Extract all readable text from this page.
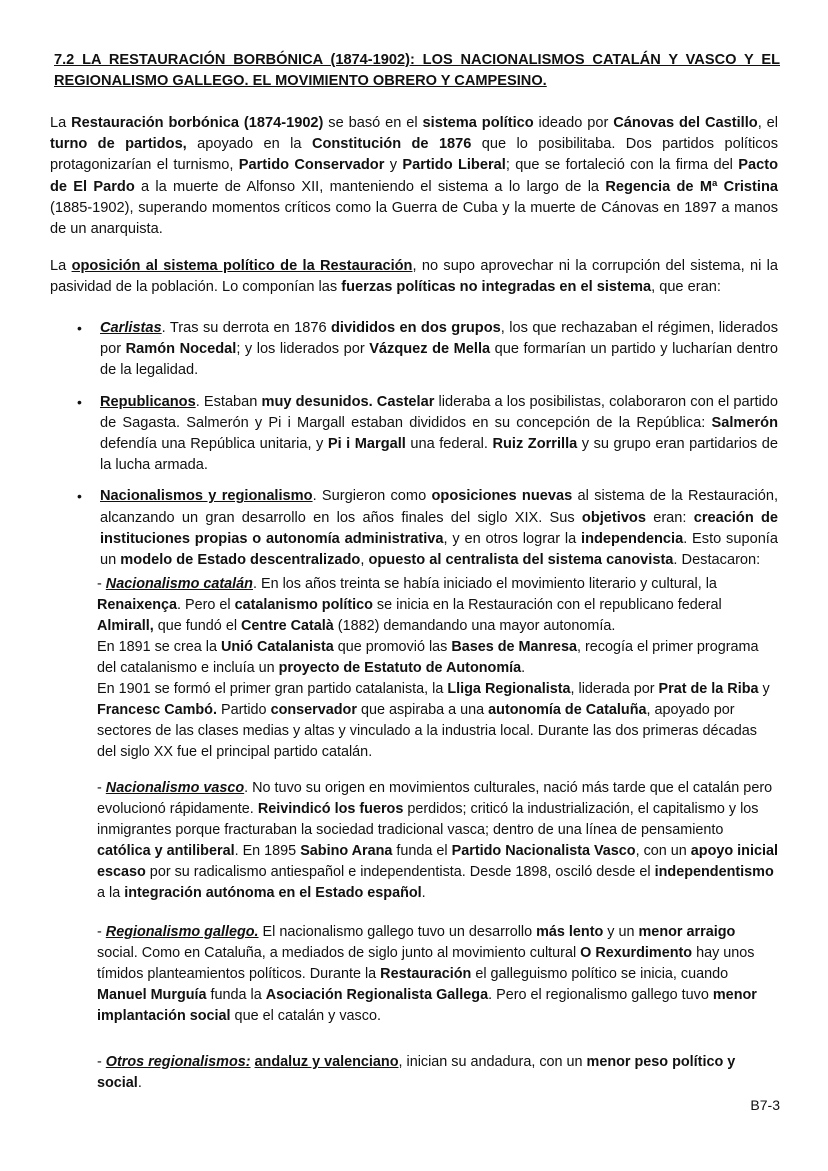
7.2 LA RESTAURACIÓN BORBÓNICA (1874-1902): LOS NACIONALISMOS CATALÁN Y VASCO Y EL REGIONALISMO GALLEGO. EL MOVIMIENTO OBRERO Y CAMPESINO.

La Restauración borbónica (1874-1902) se basó en el sistema político ideado por Cánovas del Castillo, el turno de partidos, apoyado en la Constitución de 1876 que lo posibilitaba. Dos partidos políticos protagonizarían el turnismo, Partido Conservador y Partido Liberal; que se fortaleció con la firma del Pacto de El Pardo a la muerte de Alfonso XII, manteniendo el sistema a lo largo de la Regencia de Mª Cristina (1885-1902), superando momentos críticos como la Guerra de Cuba y la muerte de Cánovas en 1897 a manos de un anarquista.

La oposición al sistema político de la Restauración, no supo aprovechar ni la corrupción del sistema, ni la pasividad de la población. Lo componían las fuerzas políticas no integradas en el sistema, que eran:

• Carlistas. Tras su derrota en 1876 divididos en dos grupos, los que rechazaban el régimen, liderados por Ramón Nocedal; y los liderados por Vázquez de Mella que formarían un partido y lucharían dentro de la legalidad.
• Republicanos. Estaban muy desunidos. Castelar lideraba a los posibilistas, colaboraron con el partido de Sagasta. Salmerón y Pi i Margall estaban divididos en su concepción de la República: Salmerón defendía una República unitaria, y Pi i Margall una federal. Ruiz Zorrilla y su grupo eran partidarios de la lucha armada.
• Nacionalismos y regionalismo. Surgieron como oposiciones nuevas al sistema de la Restauración, alcanzando un gran desarrollo en los años finales del siglo XIX. Sus objetivos eran: creación de instituciones propias o autonomía administrativa, y en otros lograr la independencia. Esto suponía un modelo de Estado descentralizado, opuesto al centralista del sistema canovista. Destacaron:

- Nacionalismo catalán. En los años treinta se había iniciado el movimiento literario y cultural, la Renaixença. Pero el catalanismo político se inicia en la Restauración con el republicano federal Almirall, que fundó el Centre Català (1882) demandando una mayor autonomía.

En 1891 se crea la Unió Catalanista que promovió las Bases de Manresa, recogía el primer programa del catalanismo e incluía un proyecto de Estatuto de Autonomía.

En 1901 se formó el primer gran partido catalanista, la Lliga Regionalista, liderada por Prat de la Riba y Francesc Cambó. Partido conservador que aspiraba a una autonomía de Cataluña, apoyado por sectores de las clases medias y altas y vinculado a la industria local. Durante las dos primeras décadas del siglo XX fue el principal partido catalán.

- Nacionalismo vasco. No tuvo su origen en movimientos culturales, nació más tarde que el catalán pero evolucionó rápidamente. Reivindicó los fueros perdidos; criticó la industrialización, el capitalismo y los inmigrantes porque fracturaban la sociedad tradicional vasca; dentro de una línea de pensamiento católica y antiliberal. En 1895 Sabino Arana funda el Partido Nacionalista Vasco, con un apoyo inicial escaso por su radicalismo antiespañol e independentista. Desde 1898, osciló desde el independentismo a la integración autónoma en el Estado español.

- Regionalismo gallego. El nacionalismo gallego tuvo un desarrollo más lento y un menor arraigo social. Como en Cataluña, a mediados de siglo junto al movimiento cultural O Rexurdimento hay unos tímidos planteamientos políticos. Durante la Restauración el galleguismo político se inicia, cuando Manuel Murguía funda la Asociación Regionalista Gallega. Pero el regionalismo gallego tuvo menor implantación social que el catalán y vasco.

- Otros regionalismos: andaluz y valenciano, inician su andadura, con un menor peso político y social.

B7-3
